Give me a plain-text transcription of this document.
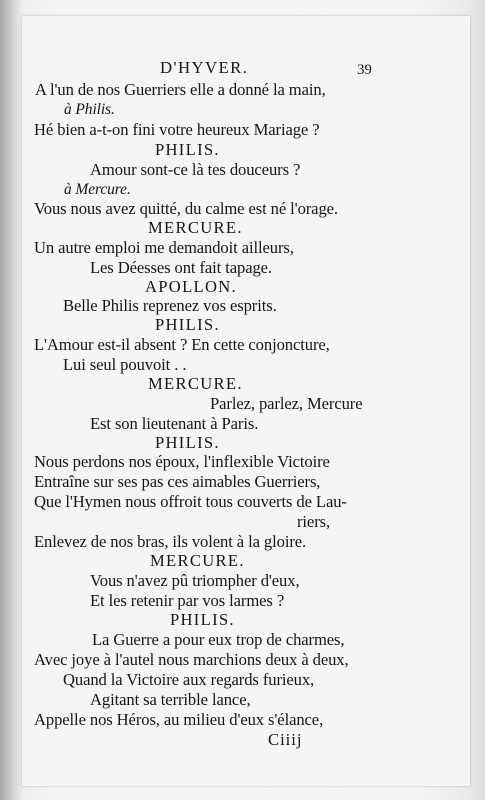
D'HYVER.	39
A l'un de nos Guerriers elle a donné la main,
à Philis.
Hé bien a-t-on fini votre heureux Mariage ?
PHILIS.
Amour sont-ce là tes douceurs ?
à Mercure.
Vous nous avez quitté, du calme est né l'orage.
MERCURE.
Un autre emploi me demandoit ailleurs,
Les Déesses ont fait tapage.
APOLLON.
Belle Philis reprenez vos esprits.
PHILIS.
L'Amour est-il absent ? En cette conjoncture,
Lui seul pouvoit . .
MERCURE.
Parlez, parlez, Mercure
Est son lieutenant à Paris.
PHILIS.
Nous perdons nos époux, l'inflexible Victoire
Entraîne sur ses pas ces aimables Guerriers,
Que l'Hymen nous offroit tous couverts de Lau-
riers,
Enlevez de nos bras, ils volent à la gloire.
MERCURE.
Vous n'avez pû triompher d'eux,
Et les retenir par vos larmes ?
PHILIS.
La Guerre a pour eux trop de charmes,
Avec joye à l'autel nous marchions deux à deux,
Quand la Victoire aux regards furieux,
Agitant sa terrible lance,
Appelle nos Héros, au milieu d'eux s'élance,
Ciiij
